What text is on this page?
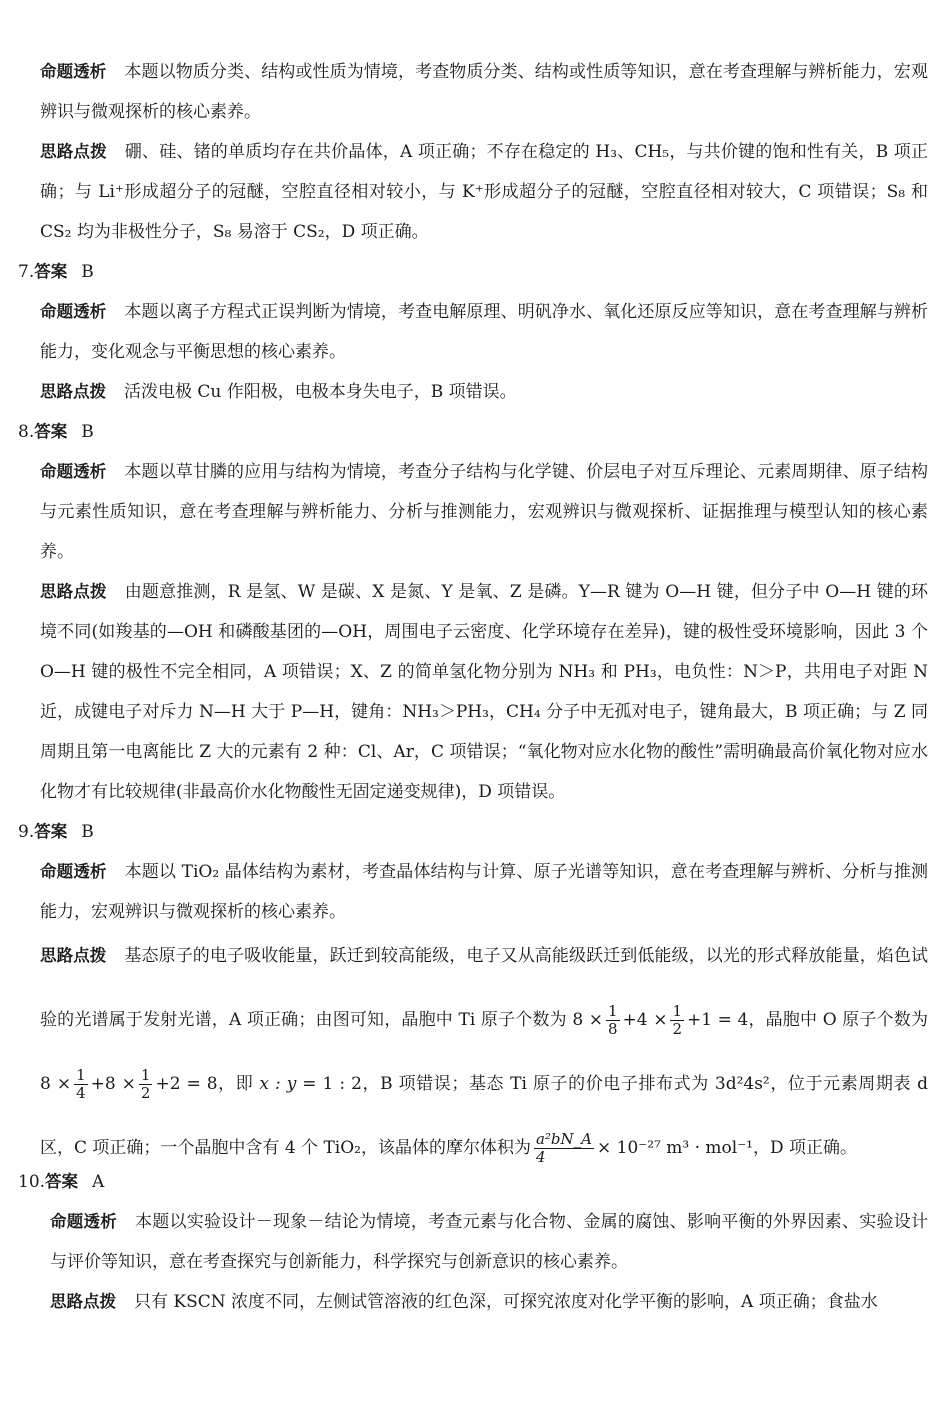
命题透析 本题以物质分类、结构或性质为情境，考查物质分类、结构或性质等知识，意在考查理解与辨析能力，宏观辨识与微观探析的核心素养。
思路点拨 硼、硅、锗的单质均存在共价晶体，A 项正确；不存在稳定的 H₃、CH₅，与共价键的饱和性有关，B 项正确；与 Li⁺形成超分子的冠醚，空腔直径相对较小，与 K⁺形成超分子的冠醚，空腔直径相对较大，C 项错误；S₈ 和 CS₂ 均为非极性分子，S₈ 易溶于 CS₂，D 项正确。
7.答案 B
命题透析 本题以离子方程式正误判断为情境，考查电解原理、明矾净水、氧化还原反应等知识，意在考查理解与辨析能力，变化观念与平衡思想的核心素养。
思路点拨 活泼电极 Cu 作阳极，电极本身失电子，B 项错误。
8.答案 B
命题透析 本题以草甘膦的应用与结构为情境，考查分子结构与化学键、价层电子对互斥理论、元素周期律、原子结构与元素性质知识，意在考查理解与辨析能力、分析与推测能力，宏观辨识与微观探析、证据推理与模型认知的核心素养。
思路点拨 由题意推测，R 是氢、W 是碳、X 是氮、Y 是氧、Z 是磷。Y—R 键为 O—H 键，但分子中 O—H 键的环境不同(如羧基的—OH 和磷酸基团的—OH，周围电子云密度、化学环境存在差异)，键的极性受环境影响，因此 3 个 O—H 键的极性不完全相同，A 项错误；X、Z 的简单氢化物分别为 NH₃ 和 PH₃，电负性：N＞P，共用电子对距 N 近，成键电子对斥力 N—H 大于 P—H，键角：NH₃＞PH₃，CH₄ 分子中无孤对电子，键角最大，B 项正确；与 Z 同周期且第一电离能比 Z 大的元素有 2 种：Cl、Ar，C 项错误；“氧化物对应水化物的酸性”需明确最高价氧化物对应水化物才有比较规律(非最高价水化物酸性无固定递变规律)，D 项错误。
9.答案 B
命题透析 本题以 TiO₂ 晶体结构为素材，考查晶体结构与计算、原子光谱等知识，意在考查理解与辨析、分析与推测能力，宏观辨识与微观探析的核心素养。
思路点拨 基态原子的电子吸收能量，跃迁到较高能级，电子又从高能级跃迁到低能级，以光的形式释放能量，焰色试验的光谱属于发射光谱，A 项正确；由图可知，晶胞中 Ti 原子个数为 $8 \times \frac{1}{8} +4 \times \frac{1}{2} +1 = 4$，晶胞中 O 原子个数为 $8 \times \frac{1}{4} +8 \times \frac{1}{2} +2 = 8$，即 x : y = 1 : 2，B 项错误；基态 Ti 原子的价电子排布式为 3d²4s²，位于元素周期表 d 区，C 项正确；一个晶胞中含有 4 个 TiO₂，该晶体的摩尔体积为 $\frac{\text{a²bN\_A}}{4} \times 10^{-27}$ m³ · mol⁻¹，D 项正确。
10.答案 A
命题透析 本题以实验设计－现象－结论为情境，考查元素与化合物、金属的腐蚀、影响平衡的外界因素、实验设计与评价等知识，意在考查探究与创新能力，科学探究与创新意识的核心素养。
思路点拨 只有 KSCN 浓度不同，左侧试管溶液的红色深，可探究浓度对化学平衡的影响，A 项正确；食盐水
